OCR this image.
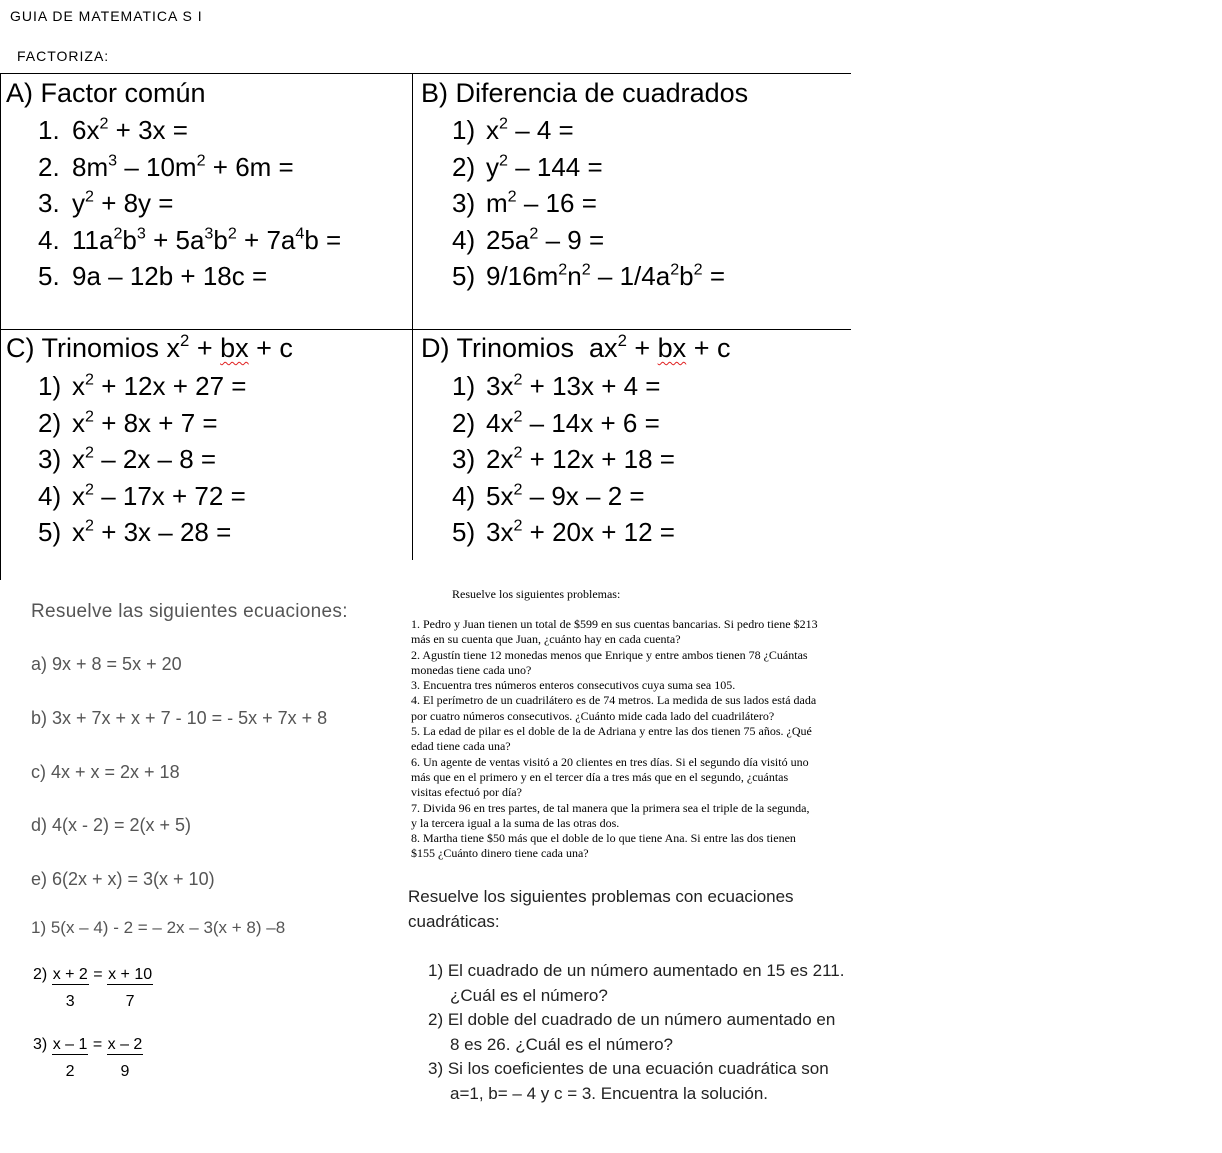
GUIA DE MATEMATICA S I
FACTORIZA:
A) Factor común
1. $6x^2 + 3x$ =
2. $8m^3 - 10m^2 + 6m$ =
3. $y^2 + 8y$ =
4. $11a^2b^3 + 5a^3b^2 + 7a^4b$ =
5. 9a – 12b + 18c =
B) Diferencia de cuadrados
1) $x^2 - 4$ =
2) $y^2 - 144$ =
3) $m^2 - 16$ =
4) $25a^2 - 9$ =
5) $9/16m^2n^2 - 1/4a^2b^2$ =
C) Trinomios $x^2$ + bx + c
1) $x^2 + 12x + 27$ =
2) $x^2 + 8x + 7$ =
3) $x^2 - 2x - 8$ =
4) $x^2 - 17x + 72$ =
5) $x^2 + 3x - 28$ =
D) Trinomios  $ax^2$ + bx + c
1) $3x^2 + 13x + 4$ =
2) $4x^2 - 14x + 6$ =
3) $2x^2 + 12x + 18$ =
4) $5x^2 - 9x - 2$ =
5) $3x^2 + 20x + 12$ =
Resuelve las siguientes ecuaciones:
a) 9x + 8 = 5x + 20
b) 3x + 7x + x + 7 - 10 = - 5x + 7x + 8
c) 4x + x = 2x + 18
d) 4(x - 2) = 2(x + 5)
e) 6(2x + x) = 3(x + 10)
1) 5(x – 4) - 2 = – 2x – 3(x + 8) –8
$2) \frac{x + 2}{3} = \frac{x + 10}{7}$
$3) \frac{x - 1}{2} = \frac{x - 2}{9}$
Resuelve los siguientes problemas:
1. Pedro y Juan tienen un total de $599 en sus cuentas bancarias. Si pedro tiene $213
más en su cuenta que Juan, ¿cuánto hay en cada cuenta?
2. Agustín tiene 12 monedas menos que Enrique y entre ambos tienen 78 ¿Cuántas
monedas tiene cada uno?
3. Encuentra tres números enteros consecutivos cuya suma sea 105.
4. El perímetro de un cuadrilátero es de 74 metros. La medida de sus lados está dada
por cuatro números consecutivos. ¿Cuánto mide cada lado del cuadrilátero?
5. La edad de pilar es el doble de la de Adriana y entre las dos tienen 75 años. ¿Qué
edad tiene cada una?
6. Un agente de ventas visitó a 20 clientes en tres días. Si el segundo día visitó uno
más que en el primero y en el tercer día a tres más que en el segundo, ¿cuántas
visitas efectuó por día?
7. Divida 96 en tres partes, de tal manera que la primera sea el triple de la segunda,
y la tercera igual a la suma de las otras dos.
8. Martha tiene $50 más que el doble de lo que tiene Ana. Si entre las dos tienen
$155 ¿Cuánto dinero tiene cada una?
Resuelve los siguientes problemas con ecuaciones
cuadráticas:
1) El cuadrado de un número aumentado en 15 es 211.
¿Cuál es el número?
2) El doble del cuadrado de un número aumentado en
8 es 26. ¿Cuál es el número?
3) Si los coeficientes de una ecuación cuadrática son
a=1, b= – 4 y c = 3. Encuentra la solución.
